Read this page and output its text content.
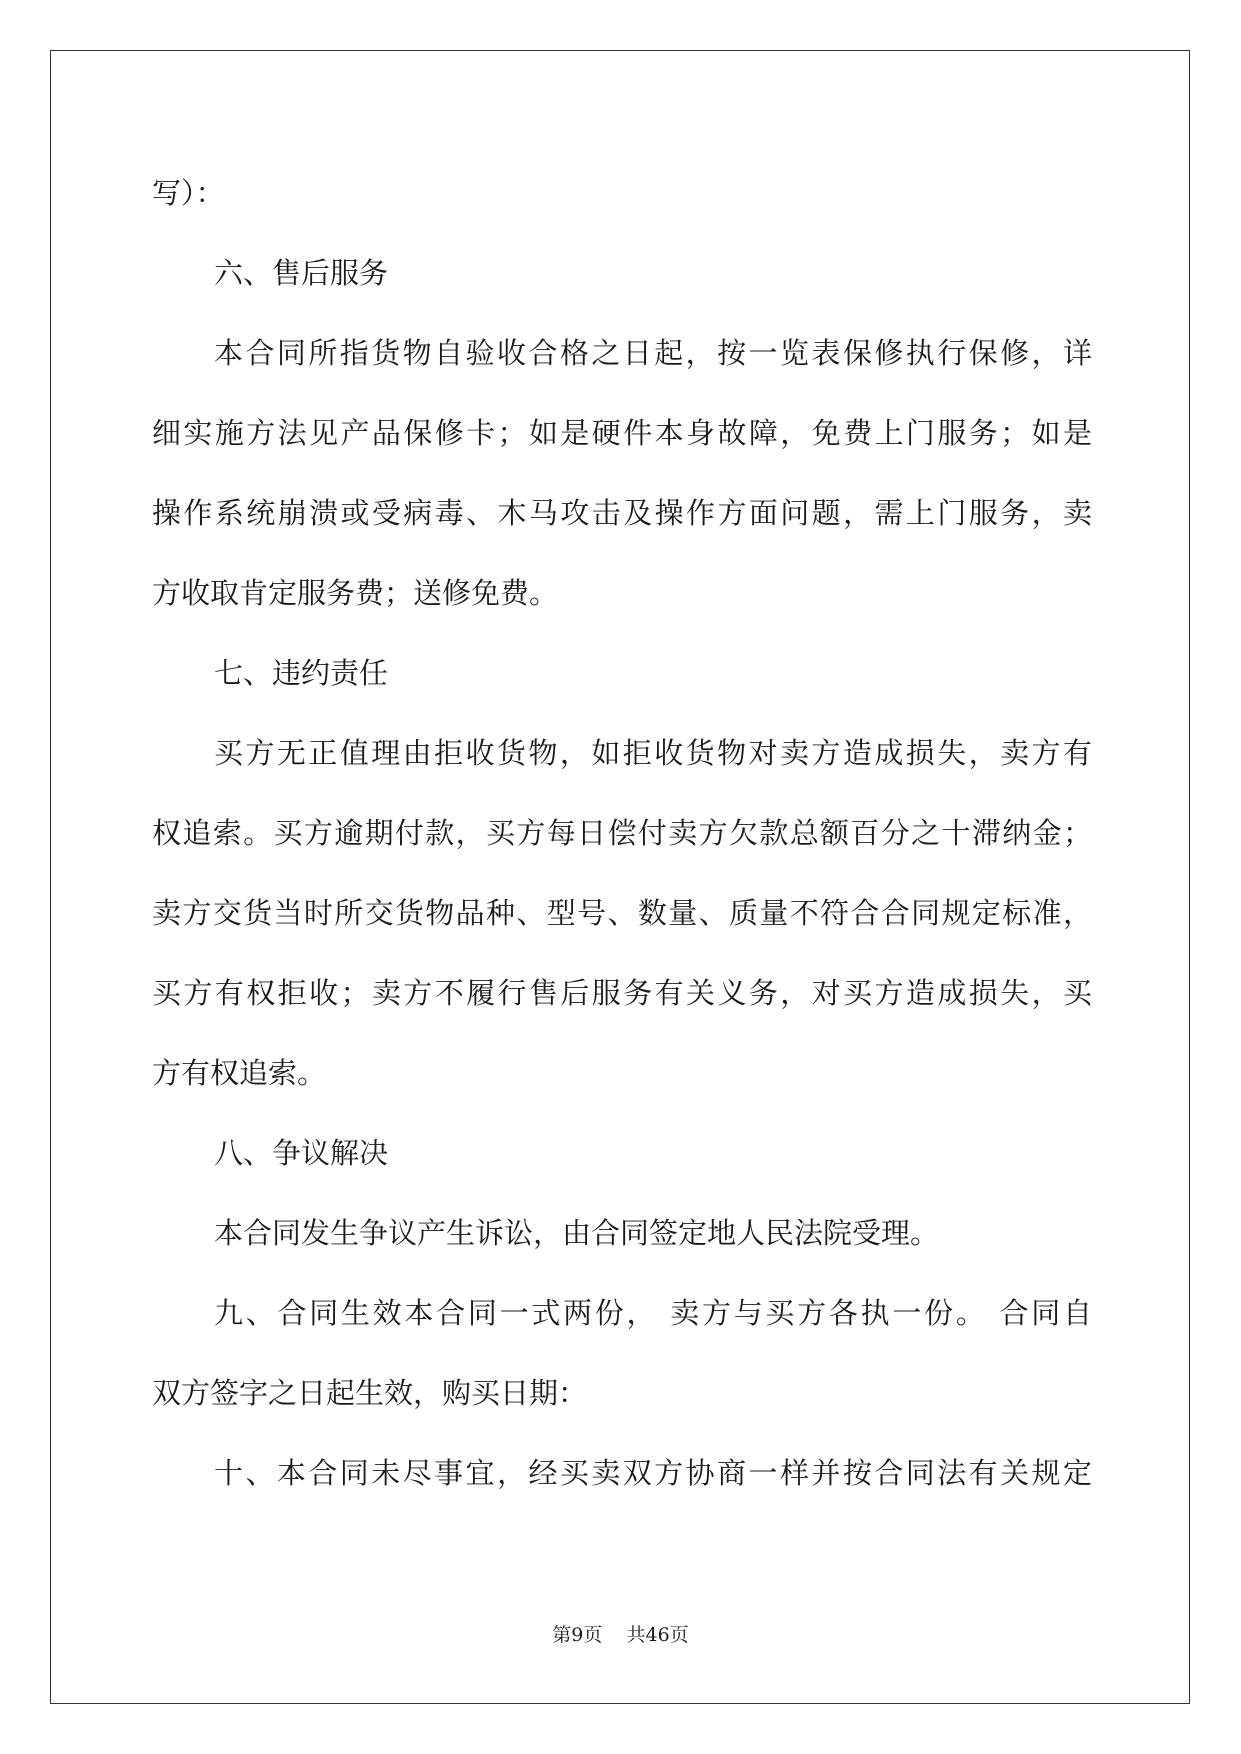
写）：
六、售后服务
本合同所指货物自验收合格之日起，按一览表保修执行保修，详
细实施方法见产品保修卡；如是硬件本身故障，免费上门服务；如是
操作系统崩溃或受病毒、木马攻击及操作方面问题，需上门服务，卖
方收取肯定服务费；送修免费。
七、违约责任
买方无正值理由拒收货物，如拒收货物对卖方造成损失，卖方有
权追索。买方逾期付款，买方每日偿付卖方欠款总额百分之十滞纳金；
卖方交货当时所交货物品种、型号、数量、质量不符合合同规定标准，
买方有权拒收；卖方不履行售后服务有关义务，对买方造成损失，买
方有权追索。
八、争议解决
本合同发生争议产生诉讼，由合同签定地人民法院受理。
九、合同生效本合同一式两份， 卖方与买方各执一份。 合同自
双方签字之日起生效，购买日期：
十、本合同未尽事宜，经买卖双方协商一样并按合同法有关规定
第9页 共46页
